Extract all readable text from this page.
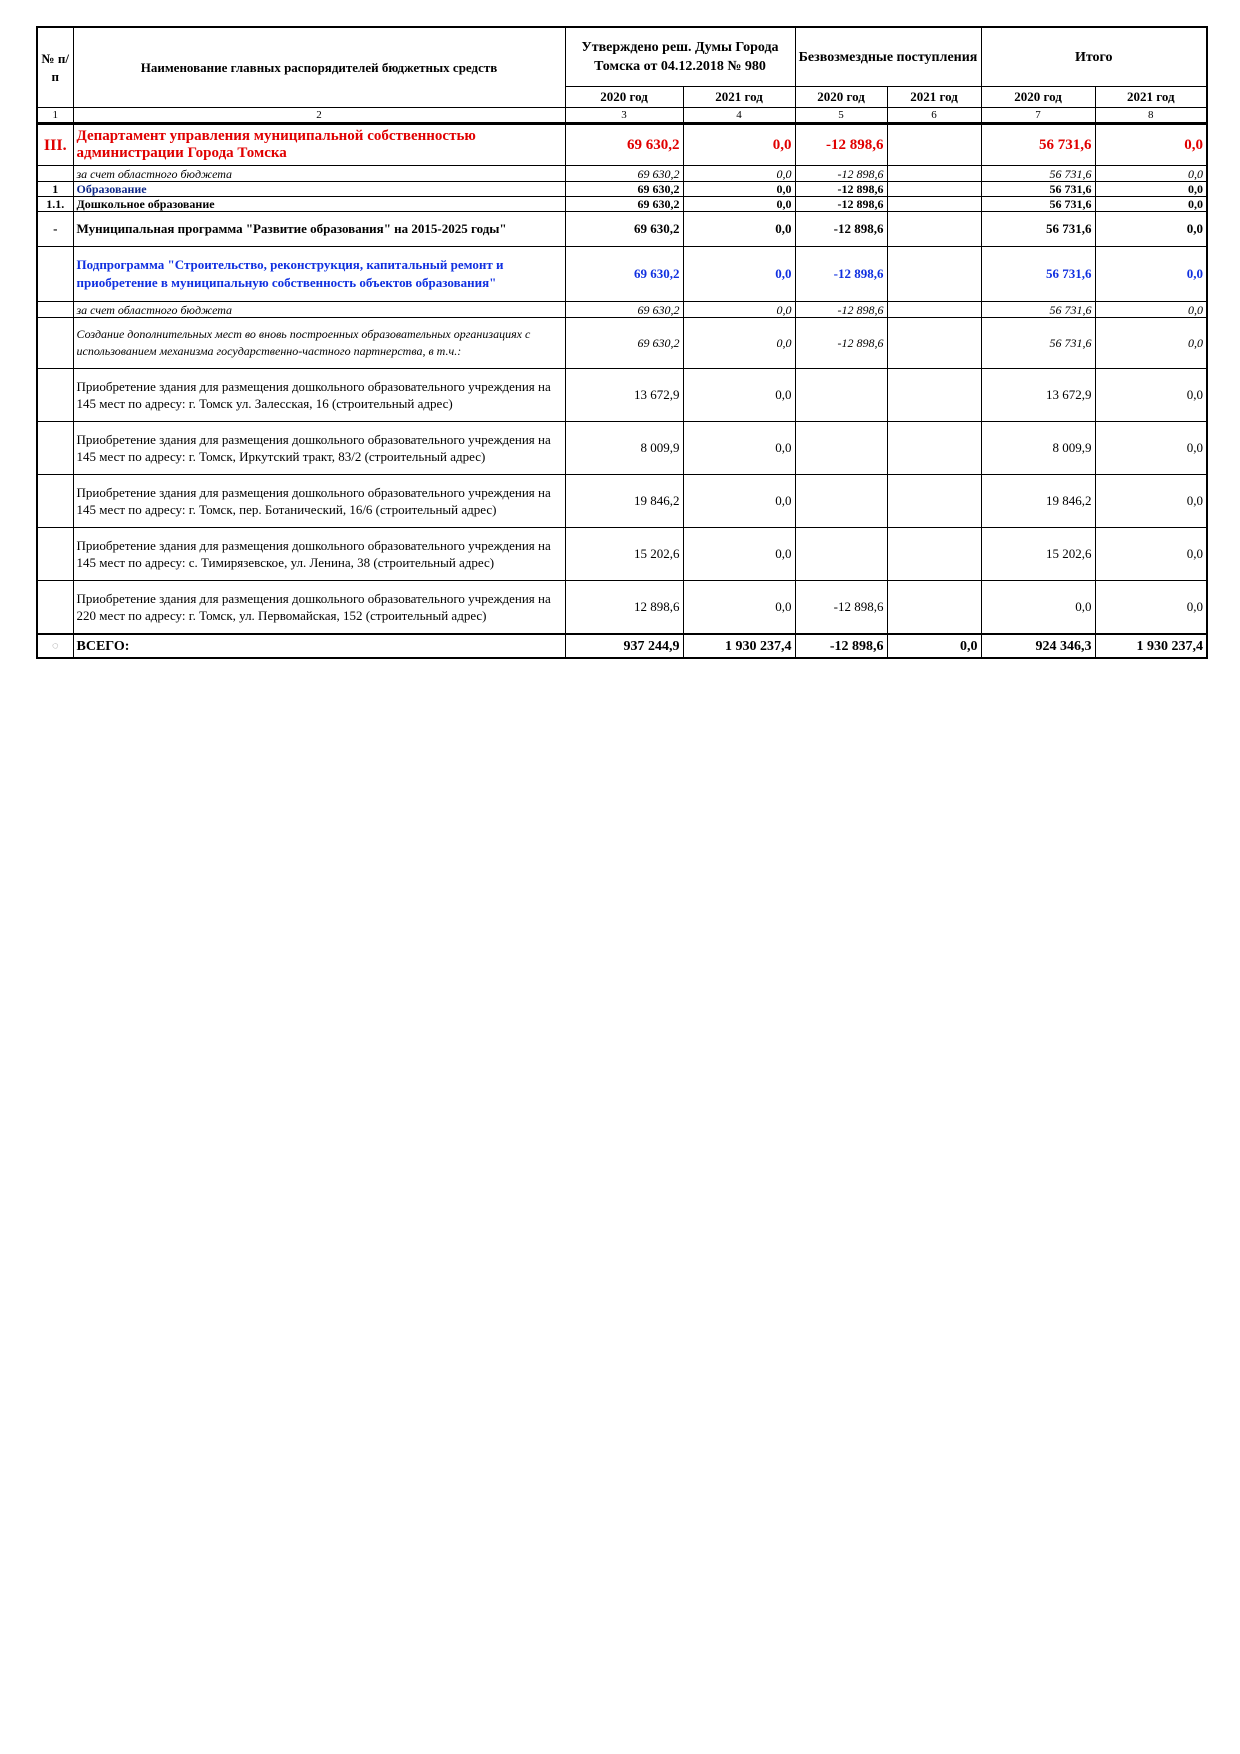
№ п/п	Наименование главных распорядителей бюджетных средств	Утверждено реш. Думы Города Томска от 04.12.2018 № 980		Безвозмездные поступления		Итого	
		2020 год	2021 год	2020 год	2021 год	2020 год	2021 год
1	2	3	4	5	6	7	8
III.	Департамент управления муниципальной собственностью администрации Города Томска	69 630,2	0,0	-12 898,6		56 731,6	0,0
	за счет областного бюджета	69 630,2	0,0	-12 898,6		56 731,6	0,0
1	Образование	69 630,2	0,0	-12 898,6		56 731,6	0,0
1.1.	Дошкольное образование	69 630,2	0,0	-12 898,6		56 731,6	0,0
-	Муниципальная программа "Развитие образования" на 2015-2025 годы"	69 630,2	0,0	-12 898,6		56 731,6	0,0
	Подпрограмма "Строительство, реконструкция, капитальный ремонт и приобретение в муниципальную собственность объектов образования"	69 630,2	0,0	-12 898,6		56 731,6	0,0
	за счет областного бюджета	69 630,2	0,0	-12 898,6		56 731,6	0,0
	Создание дополнительных мест во вновь построенных образовательных организациях с использованием механизма государственно-частного партнерства, в т.ч.:	69 630,2	0,0	-12 898,6		56 731,6	0,0
	Приобретение здания для размещения дошкольного образовательного учреждения на 145 мест по адресу: г. Томск ул. Залесская, 16 (строительный адрес)	13 672,9	0,0			13 672,9	0,0
	Приобретение здания для размещения дошкольного образовательного учреждения на 145 мест по адресу: г. Томск, Иркутский тракт, 83/2 (строительный адрес)	8 009,9	0,0			8 009,9	0,0
	Приобретение здания для размещения дошкольного образовательного учреждения на 145 мест по адресу: г. Томск, пер. Ботанический, 16/6 (строительный адрес)	19 846,2	0,0			19 846,2	0,0
	Приобретение здания для размещения дошкольного образовательного учреждения на 145 мест по адресу: с. Тимирязевское, ул. Ленина, 38 (строительный адрес)	15 202,6	0,0			15 202,6	0,0
	Приобретение здания для размещения дошкольного образовательного учреждения на 220 мест по адресу: г. Томск, ул. Первомайская, 152 (строительный адрес)	12 898,6	0,0	-12 898,6		0,0	0,0
◌	ВСЕГО:	937 244,9	1 930 237,4	-12 898,6	0,0	924 346,3	1 930 237,4
